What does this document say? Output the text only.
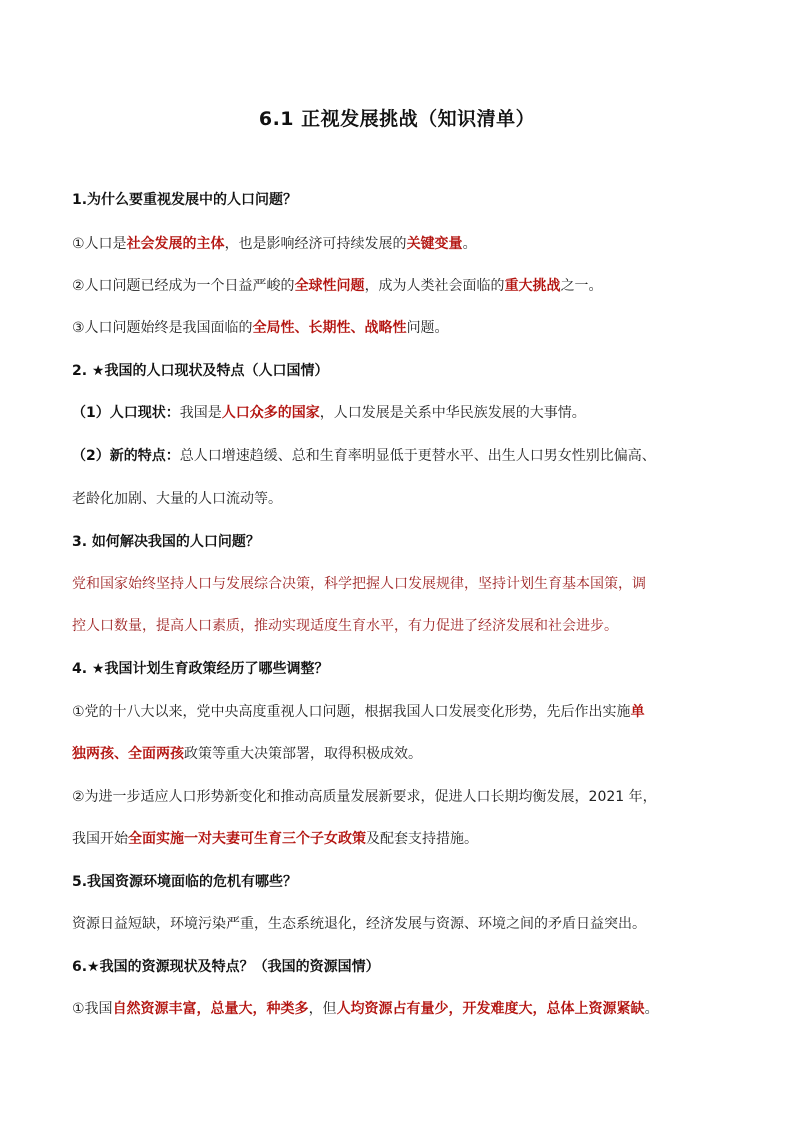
6.1 正视发展挑战（知识清单）
1.为什么要重视发展中的人口问题？
①人口是社会发展的主体，也是影响经济可持续发展的关键变量。
②人口问题已经成为一个日益严峻的全球性问题，成为人类社会面临的重大挑战之一。
③人口问题始终是我国面临的全局性、长期性、战略性问题。
2. ★我国的人口现状及特点（人口国情）
（1）人口现状：我国是人口众多的国家，人口发展是关系中华民族发展的大事情。
（2）新的特点：总人口增速趋缓、总和生育率明显低于更替水平、出生人口男女性别比偏高、
老龄化加剧、大量的人口流动等。
3. 如何解决我国的人口问题？
党和国家始终坚持人口与发展综合决策，科学把握人口发展规律，坚持计划生育基本国策，调
控人口数量，提高人口素质，推动实现适度生育水平，有力促进了经济发展和社会进步。
4. ★我国计划生育政策经历了哪些调整？
①党的十八大以来，党中央高度重视人口问题，根据我国人口发展变化形势，先后作出实施单
独两孩、全面两孩政策等重大决策部署，取得积极成效。
②为进一步适应人口形势新变化和推动高质量发展新要求，促进人口长期均衡发展，2021 年，
我国开始全面实施一对夫妻可生育三个子女政策及配套支持措施。
5.我国资源环境面临的危机有哪些？
资源日益短缺，环境污染严重，生态系统退化，经济发展与资源、环境之间的矛盾日益突出。
6.★我国的资源现状及特点？（我国的资源国情）
①我国自然资源丰富，总量大，种类多，但人均资源占有量少，开发难度大，总体上资源紧缺。
